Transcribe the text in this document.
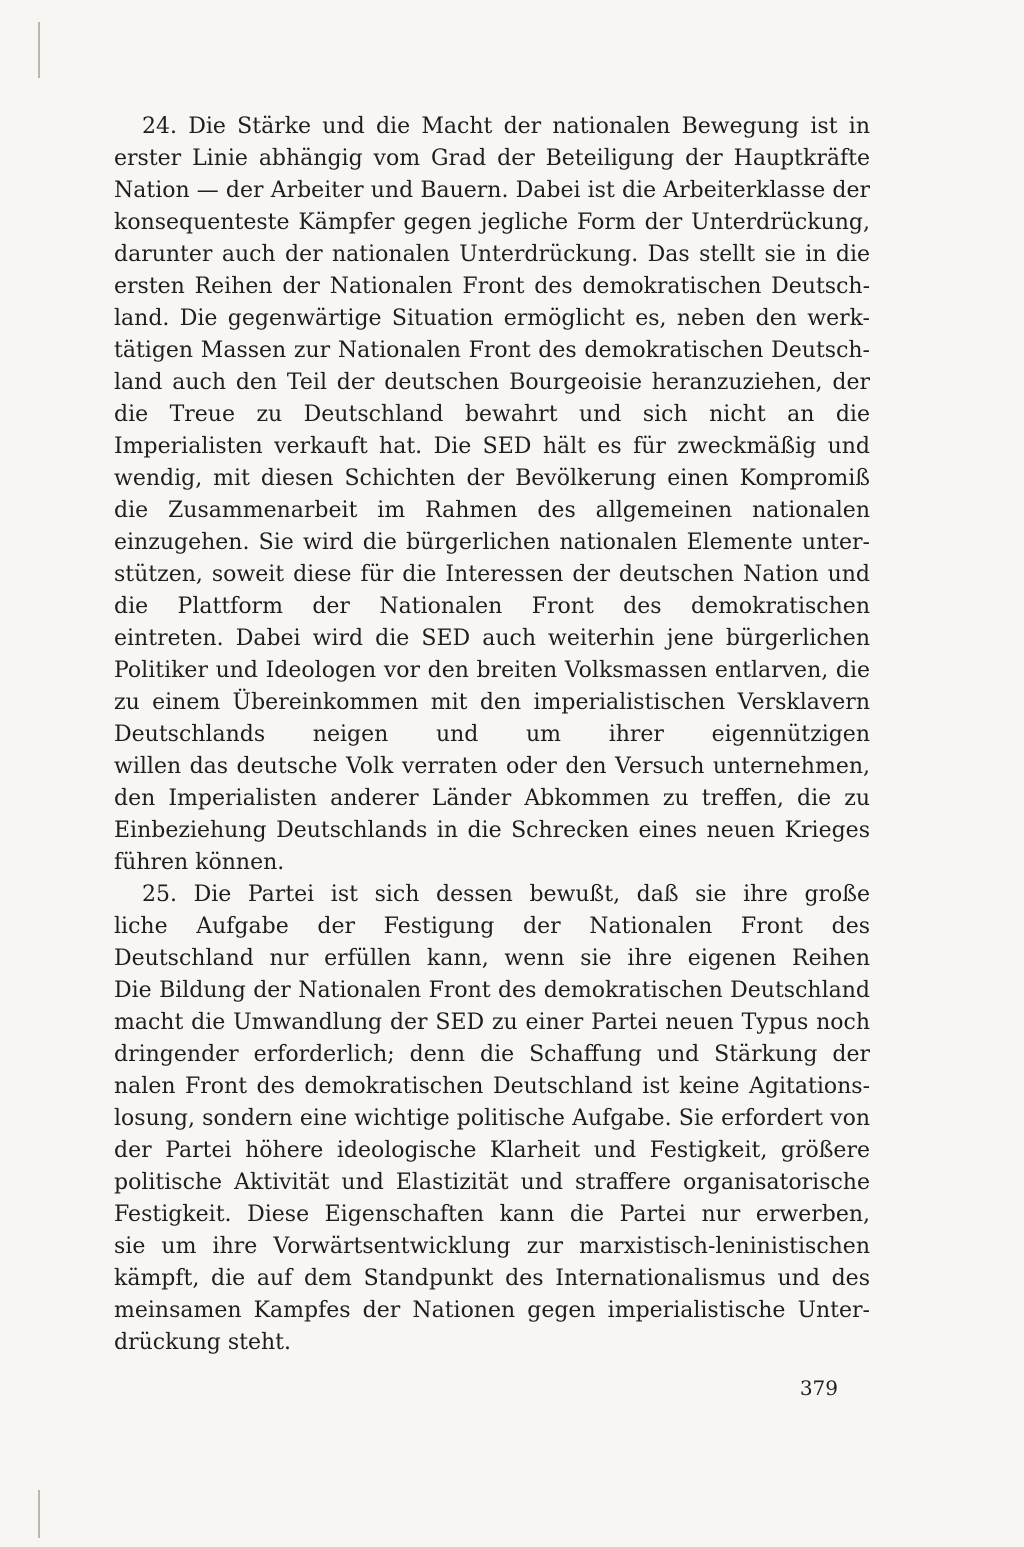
24. Die Stärke und die Macht der nationalen Bewegung ist in
erster Linie abhängig vom Grad der Beteiligung der Hauptkräfte
Nation — der Arbeiter und Bauern. Dabei ist die Arbeiterklasse der
konsequenteste Kämpfer gegen jegliche Form der Unterdrückung,
darunter auch der nationalen Unterdrückung. Das stellt sie in die
ersten Reihen der Nationalen Front des demokratischen Deutsch-
land. Die gegenwärtige Situation ermöglicht es, neben den werk-
tätigen Massen zur Nationalen Front des demokratischen Deutsch-
land auch den Teil der deutschen Bourgeoisie heranzuziehen, der
die Treue zu Deutschland bewahrt und sich nicht an die
Imperialisten verkauft hat. Die SED hält es für zweckmäßig und
wendig, mit diesen Schichten der Bevölkerung einen Kompromiß
die Zusammenarbeit im Rahmen des allgemeinen nationalen
einzugehen. Sie wird die bürgerlichen nationalen Elemente unter-
stützen, soweit diese für die Interessen der deutschen Nation und
die Plattform der Nationalen Front des demokratischen
eintreten. Dabei wird die SED auch weiterhin jene bürgerlichen
Politiker und Ideologen vor den breiten Volksmassen entlarven, die
zu einem Übereinkommen mit den imperialistischen Versklavern
Deutschlands neigen und um ihrer eigennützigen
willen das deutsche Volk verraten oder den Versuch unternehmen,
den Imperialisten anderer Länder Abkommen zu treffen, die zu
Einbeziehung Deutschlands in die Schrecken eines neuen Krieges
führen können.
25. Die Partei ist sich dessen bewußt, daß sie ihre große
liche Aufgabe der Festigung der Nationalen Front des
Deutschland nur erfüllen kann, wenn sie ihre eigenen Reihen
Die Bildung der Nationalen Front des demokratischen Deutschland
macht die Umwandlung der SED zu einer Partei neuen Typus noch
dringender erforderlich; denn die Schaffung und Stärkung der
nalen Front des demokratischen Deutschland ist keine Agitations-
losung, sondern eine wichtige politische Aufgabe. Sie erfordert von
der Partei höhere ideologische Klarheit und Festigkeit, größere
politische Aktivität und Elastizität und straffere organisatorische
Festigkeit. Diese Eigenschaften kann die Partei nur erwerben,
sie um ihre Vorwärtsentwicklung zur marxistisch-leninistischen
kämpft, die auf dem Standpunkt des Internationalismus und des
meinsamen Kampfes der Nationen gegen imperialistische Unter-
drückung steht.
379
